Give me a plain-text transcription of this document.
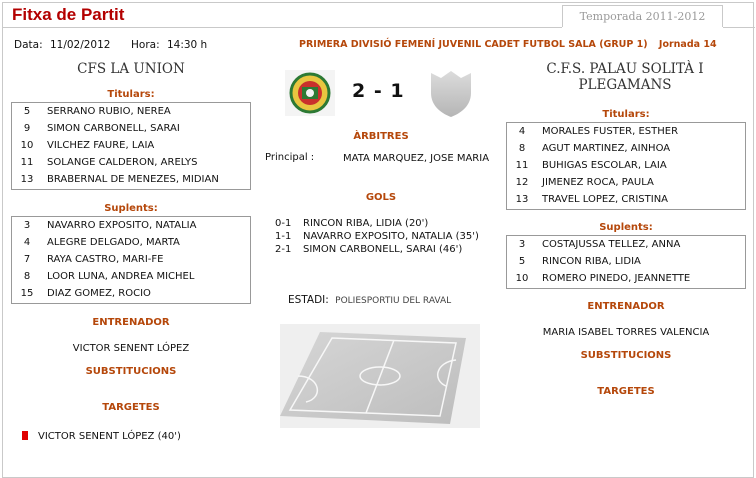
Fitxa de Partit	Temporada 2011-2012
Data: 11/02/2012 Hora: 14:30 h	PRIMERA DIVISIÓ FEMENÍ JUVENIL CADET FUTBOL SALA (GRUP 1) Jornada 14
CFS LA UNION
Titulars:
5	SERRANO RUBIO, NEREA
9	SIMON CARBONELL, SARAI
10	VILCHEZ FAURE, LAIA
11	SOLANGE CALDERON, ARELYS
13	BRABERNAL DE MENEZES, MIDIAN
Suplents:
3	NAVARRO EXPOSITO, NATALIA
4	ALEGRE DELGADO, MARTA
7	RAYA CASTRO, MARI-FE
8	LOOR LUNA, ANDREA MICHEL
15	DIAZ GOMEZ, ROCIO
ENTRENADOR
VICTOR SENENT LÓPEZ
SUBSTITUCIONS
TARGETES
VICTOR SENENT LÓPEZ (40')
2 - 1
ÀRBITRES
Principal :	MATA MARQUEZ, JOSE MARIA
GOLS
0-1 RINCON RIBA, LIDIA (20')
1-1 NAVARRO EXPOSITO, NATALIA (35')
2-1 SIMON CARBONELL, SARAI (46')
ESTADI: POLIESPORTIU DEL RAVAL
C.F.S. PALAU SOLITÀ I PLEGAMANS
Titulars:
4	MORALES FUSTER, ESTHER
8	AGUT MARTINEZ, AINHOA
11	BUHIGAS ESCOLAR, LAIA
12	JIMENEZ ROCA, PAULA
13	TRAVEL LOPEZ, CRISTINA
Suplents:
3	COSTAJUSSA TELLEZ, ANNA
5	RINCON RIBA, LIDIA
10	ROMERO PINEDO, JEANNETTE
ENTRENADOR
MARIA ISABEL TORRES VALENCIA
SUBSTITUCIONS
TARGETES
